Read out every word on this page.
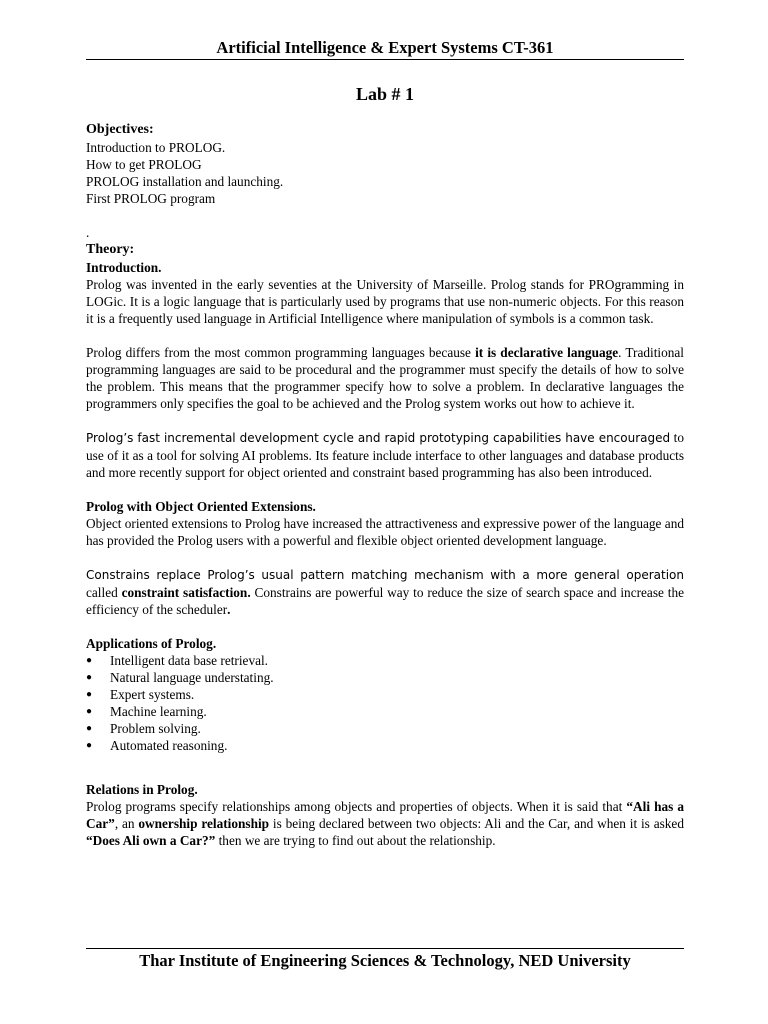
Artificial Intelligence & Expert Systems CT-361
Lab # 1
Objectives:
Introduction to PROLOG.
How to get PROLOG
PROLOG installation and launching.
First PROLOG program
.
Theory:
Introduction.

Prolog was invented in the early seventies at the University of Marseille. Prolog stands for PROgramming in LOGic. It is a logic language that is particularly used by programs that use non-numeric objects. For this reason it is a frequently used language in Artificial Intelligence where manipulation of symbols is a common task.

Prolog differs from the most common programming languages because it is declarative language. Traditional programming languages are said to be procedural and the programmer must specify the details of how to solve the problem. This means that the programmer specify how to solve a problem. In declarative languages the programmers only specifies the goal to be achieved and the Prolog system works out how to achieve it.

Prolog’s fast incremental development cycle and rapid prototyping capabilities have encouraged to use of it as a tool for solving AI problems. Its feature include interface to other languages and database products and more recently support for object oriented and constraint based programming has also been introduced.

Prolog with Object Oriented Extensions.

Object oriented extensions to Prolog have increased the attractiveness and expressive power of the language and has provided the Prolog users with a powerful and flexible object oriented development language.

Constrains replace Prolog’s usual pattern matching mechanism with a more general operation called constraint satisfaction. Constrains are powerful way to reduce the size of search space and increase the efficiency of the scheduler.

Applications of Prolog.
● Intelligent data base retrieval.
● Natural language understating.
● Expert systems.
● Machine learning.
● Problem solving.
● Automated reasoning.
Relations in Prolog.

Prolog programs specify relationships among objects and properties of objects. When it is said that “Ali has a Car”, an ownership relationship is being declared between two objects: Ali and the Car, and when it is asked “Does Ali own a Car?” then we are trying to find out about the relationship.

Thar Institute of Engineering Sciences & Technology, NED University
